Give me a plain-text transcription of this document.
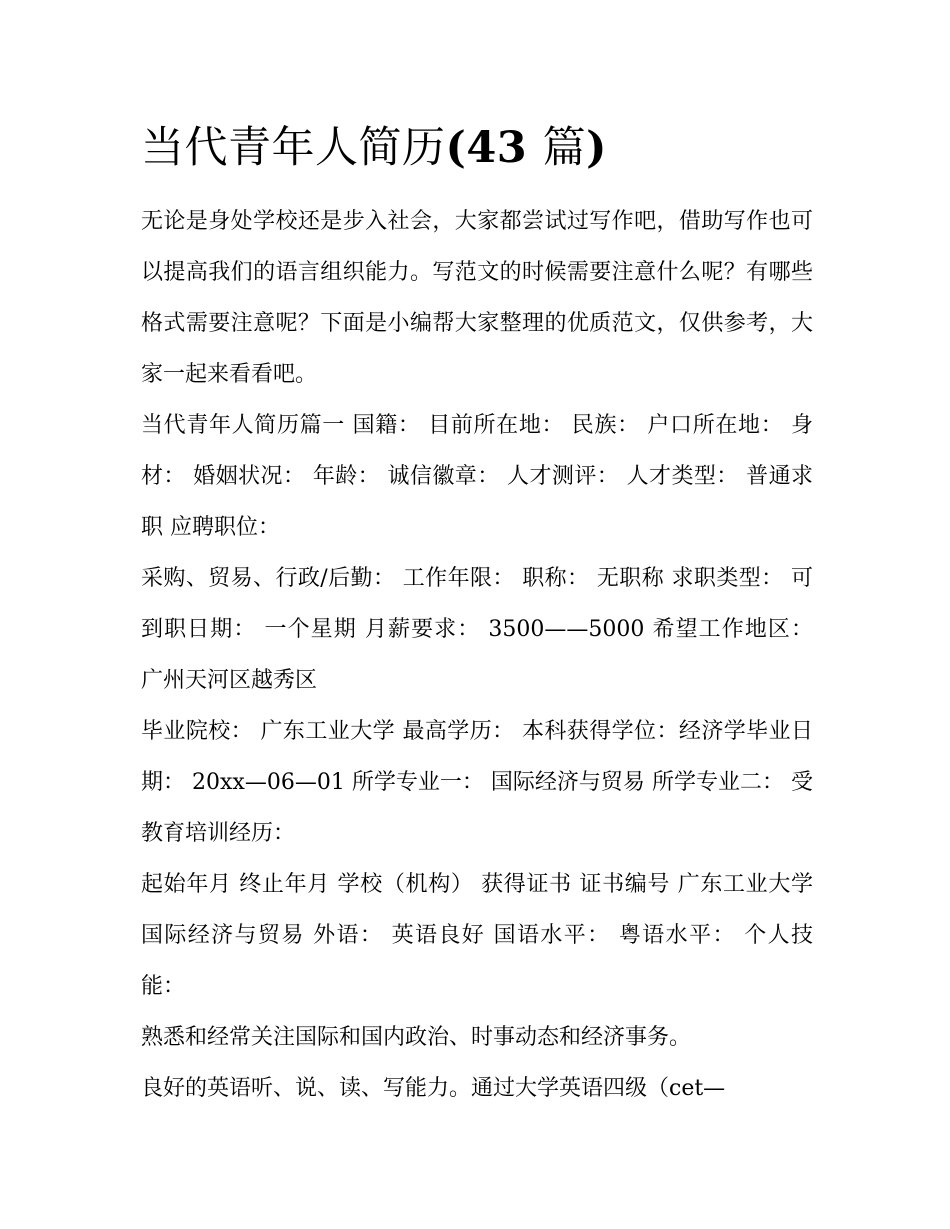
当代青年人简历(43 篇)

无论是身处学校还是步入社会，大家都尝试过写作吧，借助写作也可以提高我们的语言组织能力。写范文的时候需要注意什么呢？有哪些格式需要注意呢？下面是小编帮大家整理的优质范文，仅供参考，大家一起来看看吧。

当代青年人简历篇一 国籍： 目前所在地： 民族： 户口所在地： 身材： 婚姻状况： 年龄： 诚信徽章： 人才测评： 人才类型： 普通求职 应聘职位：

采购、贸易、行政/后勤： 工作年限： 职称： 无职称 求职类型： 可到职日期： 一个星期 月薪要求： 3500——5000 希望工作地区： 广州天河区越秀区

毕业院校： 广东工业大学 最高学历： 本科获得学位：经济学毕业日期： 20xx—06—01 所学专业一： 国际经济与贸易 所学专业二： 受教育培训经历：

起始年月 终止年月 学校（机构） 获得证书 证书编号 广东工业大学 国际经济与贸易 外语： 英语良好 国语水平： 粤语水平： 个人技能：

熟悉和经常关注国际和国内政治、时事动态和经济事务。

良好的英语听、说、读、写能力。通过大学英语四级（cet—
